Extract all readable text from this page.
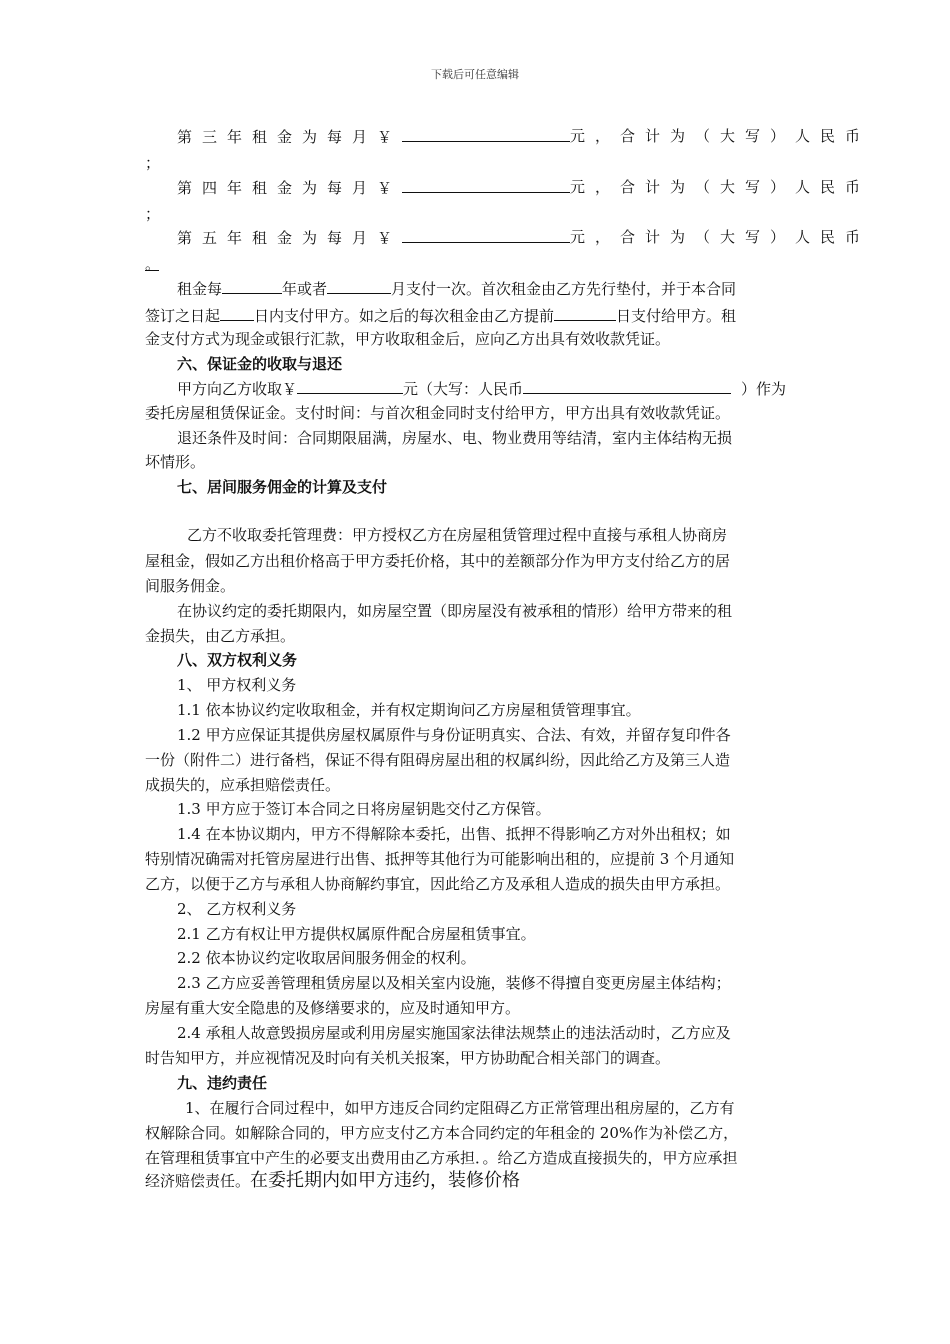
下载后可任意编辑
第三年租金为每月￥	元，合计为（大写）人民币
；
第四年租金为每月￥	元，合计为（大写）人民币
；
第五年租金为每月￥	元，合计为（大写）人民币
。
租金每	年或者	月支付一次。首次租金由乙方先行垫付，并于本合同
签订之日起 日内支付甲方。如之后的每次租金由乙方提前	日支付给甲方。租
金支付方式为现金或银行汇款，甲方收取租金后，应向乙方出具有效收款凭证。
六、保证金的收取与退还
甲方向乙方收取￥	元（大写：人民币	）作为
委托房屋租赁保证金。支付时间：与首次租金同时支付给甲方，甲方出具有效收款凭证。
退还条件及时间：合同期限届满，房屋水、电、物业费用等结清，室内主体结构无损
坏情形。
七、居间服务佣金的计算及支付
乙方不收取委托管理费：甲方授权乙方在房屋租赁管理过程中直接与承租人协商房
屋租金，假如乙方出租价格高于甲方委托价格，其中的差额部分作为甲方支付给乙方的居
间服务佣金。
在协议约定的委托期限内，如房屋空置（即房屋没有被承租的情形）给甲方带来的租
金损失，由乙方承担。
八、双方权利义务
1、 甲方权利义务
1.1 依本协议约定收取租金，并有权定期询问乙方房屋租赁管理事宜。
1.2 甲方应保证其提供房屋权属原件与身份证明真实、合法、有效，并留存复印件各
一份（附件二）进行备档，保证不得有阻碍房屋出租的权属纠纷，因此给乙方及第三人造
成损失的，应承担赔偿责任。
1.3 甲方应于签订本合同之日将房屋钥匙交付乙方保管。
1.4 在本协议期内，甲方不得解除本委托，出售、抵押不得影响乙方对外出租权；如
特别情况确需对托管房屋进行出售、抵押等其他行为可能影响出租的，应提前 3 个月通知
乙方，以便于乙方与承租人协商解约事宜，因此给乙方及承租人造成的损失由甲方承担。
2、 乙方权利义务
2.1 乙方有权让甲方提供权属原件配合房屋租赁事宜。
2.2 依本协议约定收取居间服务佣金的权利。
2.3 乙方应妥善管理租赁房屋以及相关室内设施，装修不得擅自变更房屋主体结构；
房屋有重大安全隐患的及修缮要求的，应及时通知甲方。
2.4 承租人故意毁损房屋或利用房屋实施国家法律法规禁止的违法活动时，乙方应及
时告知甲方，并应视情况及时向有关机关报案，甲方协助配合相关部门的调查。
九、违约责任
1、在履行合同过程中，如甲方违反合同约定阻碍乙方正常管理出租房屋的，乙方有
权解除合同。如解除合同的，甲方应支付乙方本合同约定的年租金的 20%作为补偿乙方，
在管理租赁事宜中产生的必要支出费用由乙方承担．。给乙方造成直接损失的，甲方应承担
经济赔偿责任。在委托期内如甲方违约，装修价格
